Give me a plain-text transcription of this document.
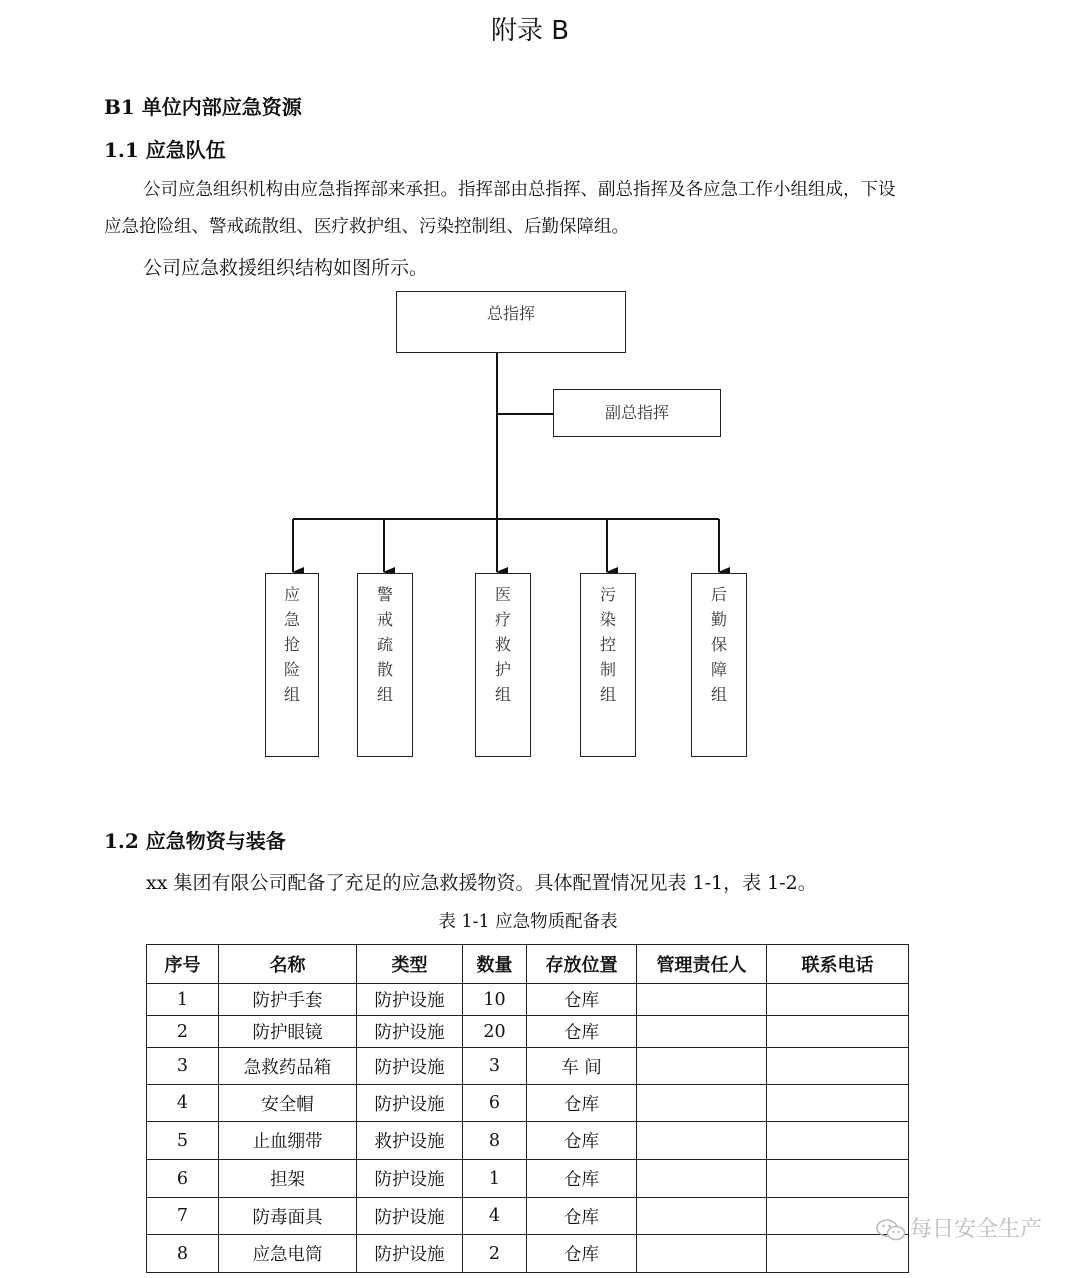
附录 B
B1 单位内部应急资源
1.1 应急队伍
公司应急组织机构由应急指挥部来承担。指挥部由总指挥、副总指挥及各应急工作小组组成，下设
应急抢险组、警戒疏散组、医疗救护组、污染控制组、后勤保障组。
公司应急救援组织结构如图所示。
总指挥
副总指挥
应
急
抢
险
组
警
戒
疏
散
组
医
疗
救
护
组
污
染
控
制
组
后
勤
保
障
组
1.2 应急物资与装备
xx 集团有限公司配备了充足的应急救援物资。具体配置情况见表 1-1，表 1-2。
表 1-1 应急物质配备表
序号	名称	类型	数量	存放位置	管理责任人	联系电话
1	防护手套	防护设施	10	仓库		
2	防护眼镜	防护设施	20	仓库		
3	急救药品箱	防护设施	3	车 间		
4	安全帽	防护设施	6	仓库		
5	止血绷带	救护设施	8	仓库		
6	担架	防护设施	1	仓库		
7	防毒面具	防护设施	4	仓库		
8	应急电筒	防护设施	2	仓库		
每日安全生产
